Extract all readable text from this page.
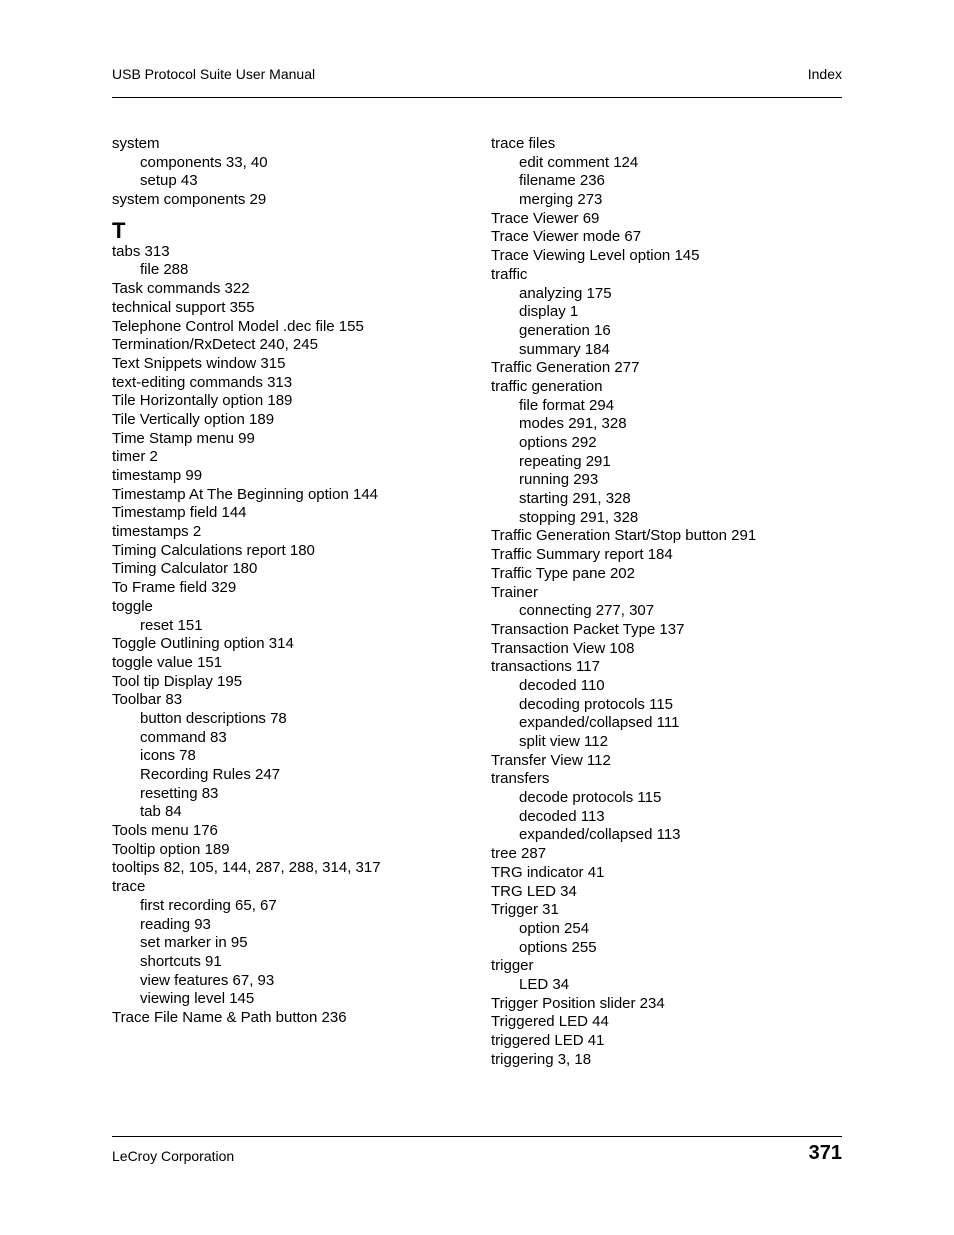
USB Protocol Suite User Manual	Index
system
components 33, 40
setup 43
system components 29
T
tabs 313
file 288
Task commands 322
technical support 355
Telephone Control Model .dec file 155
Termination/RxDetect 240, 245
Text Snippets window 315
text-editing commands 313
Tile Horizontally option 189
Tile Vertically option 189
Time Stamp menu 99
timer 2
timestamp 99
Timestamp At The Beginning option 144
Timestamp field 144
timestamps 2
Timing Calculations report 180
Timing Calculator 180
To Frame field 329
toggle
reset 151
Toggle Outlining option 314
toggle value 151
Tool tip Display 195
Toolbar 83
button descriptions 78
command 83
icons 78
Recording Rules 247
resetting 83
tab 84
Tools menu 176
Tooltip option 189
tooltips 82, 105, 144, 287, 288, 314, 317
trace
first recording 65, 67
reading 93
set marker in 95
shortcuts 91
view features 67, 93
viewing level 145
Trace File Name & Path button 236
trace files
edit comment 124
filename 236
merging 273
Trace Viewer 69
Trace Viewer mode 67
Trace Viewing Level option 145
traffic
analyzing 175
display 1
generation 16
summary 184
Traffic Generation 277
traffic generation
file format 294
modes 291, 328
options 292
repeating 291
running 293
starting 291, 328
stopping 291, 328
Traffic Generation Start/Stop button 291
Traffic Summary report 184
Traffic Type pane 202
Trainer
connecting 277, 307
Transaction Packet Type 137
Transaction View 108
transactions 117
decoded 110
decoding protocols 115
expanded/collapsed 111
split view 112
Transfer View 112
transfers
decode protocols 115
decoded 113
expanded/collapsed 113
tree 287
TRG indicator 41
TRG LED 34
Trigger 31
option 254
options 255
trigger
LED 34
Trigger Position slider 234
Triggered LED 44
triggered LED 41
triggering 3, 18
LeCroy Corporation	371
